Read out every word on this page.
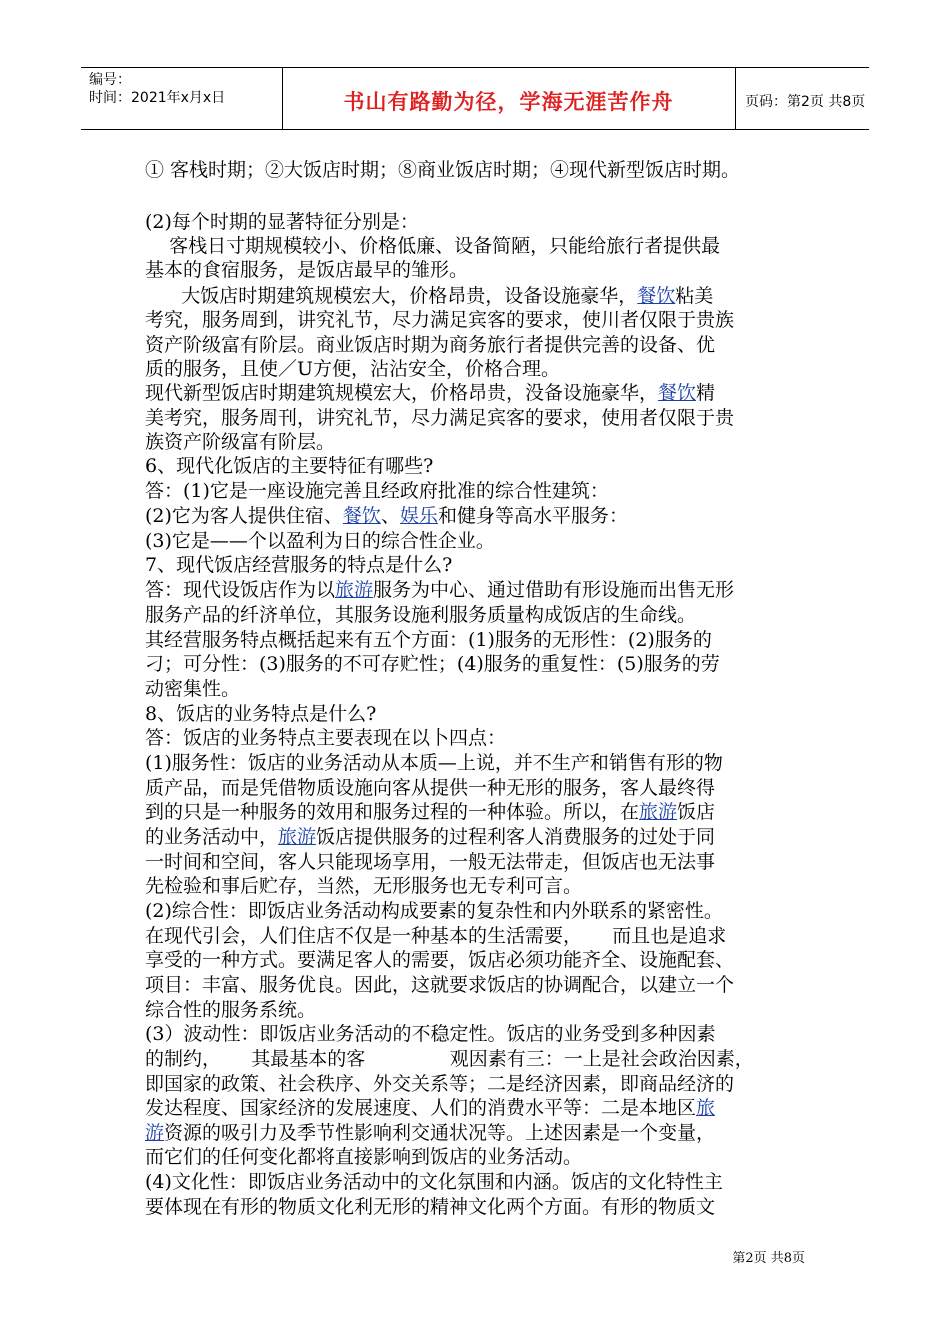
编号：
时间：2021年x月x日	书山有路勤为径，学海无涯苦作舟	页码：第2页 共8页
① 客栈时期；②大饭店时期；⑧商业饭店时期；④现代新型饭店时期。
(2)每个时期的显著特征分别是：
客栈日寸期规模较小、价格低廉、设备简陋，只能给旅行者提供最
基本的食宿服务，是饭店最早的雏形。
大饭店时期建筑规模宏大，价格昂贵，设备设施豪华，餐饮粘美
考究，服务周到，讲究礼节，尽力满足宾客的要求，使川者仅限于贵族
资产阶级富有阶层。商业饭店时期为商务旅行者提供完善的设备、优
质的服务，且使／U方便，沾沾安全，价格合理。
现代新型饭店时期建筑规模宏大，价格昂贵，没备设施豪华，餐饮精
美考究，服务周刊，讲究礼节，尽力满足宾客的要求，使用者仅限于贵
族资产阶级富有阶层。
6、现代化饭店的主要特征有哪些?
答：(1)它是一座设施完善且经政府批准的综合性建筑：
(2)它为客人提供住宿、餐饮、娱乐和健身等高水平服务：
(3)它是——个以盈利为日的综合性企业。
7、现代饭店经营服务的特点是什么?
答：现代设饭店作为以旅游服务为中心、通过借助有形设施而出售无形
服务产品的纤济单位，其服务设施利服务质量构成饭店的生命线。
其经营服务特点概括起来有五个方面：(1)服务的无形性：(2)服务的
刁；可分性：(3)服务的不可存贮性；(4)服务的重复性：(5)服务的劳
动密集性。
8、饭店的业务特点是什么?
答：饭店的业务特点主要表现在以卜四点：
(1)服务性：饭店的业务活动从本质—上说，并不生产和销售有形的物
质产品，而是凭借物质设施向客从提供一种无形的服务，客人最终得
到的只是一种服务的效用和服务过程的一种体验。所以，在旅游饭店
的业务活动中，旅游饭店提供服务的过程利客人消费服务的过处于同
一时间和空间，客人只能现场享用，一般无法带走，但饭店也无法事
先检验和事后贮存，当然，无形服务也无专利可言。
(2)综合性：即饭店业务活动构成要素的复杂性和内外联系的紧密性。
在现代引会，人们住店不仅是一种基本的生活需要，     而且也是追求
享受的一种方式。要满足客人的需要，饭店必须功能齐全、设施配套、
项目：丰富、服务优良。因此，这就要求饭店的协调配合，以建立一个
综合性的服务系统。
(3）波动性：即饭店业务活动的不稳定性。饭店的业务受到多种因素
的制约，     其最基本的客              观因素有三：一上是社会政治因素，
即国家的政策、社会秩序、外交关系等；二是经济因素，即商品经济的
发达程度、国家经济的发展速度、人们的消费水平等：二是本地区旅
游资源的吸引力及季节性影响利交通状况等。上述因素是一个变量，
而它们的任何变化都将直接影响到饭店的业务活动。
(4)文化性：即饭店业务活动中的文化氛围和内涵。饭店的文化特性主
要体现在有形的物质文化利无形的精神文化两个方面。有形的物质文
第2页 共8页
